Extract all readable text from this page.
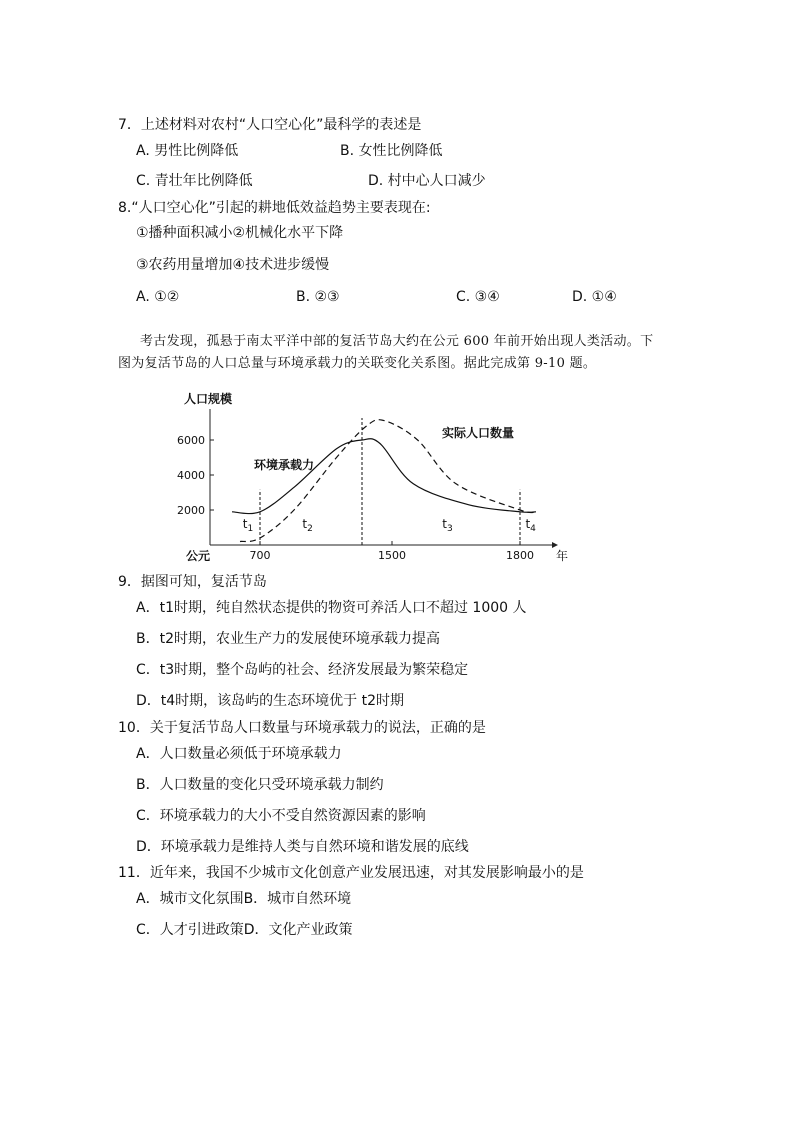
7．上述材料对农村“人口空心化”最科学的表述是
A. 男性比例降低	B. 女性比例降低
C. 青壮年比例降低	D. 村中心人口减少
8.“人口空心化”引起的耕地低效益趋势主要表现在:
①播种面积减小②机械化水平下降
③农药用量增加④技术进步缓慢
A. ①②	B. ②③	C. ③④	D. ①④
考古发现，孤悬于南太平洋中部的复活节岛大约在公元 600 年前开始出现人类活动。下
图为复活节岛的人口总量与环境承载力的关联变化关系图。据此完成第 9-10 题。
2000
4000
6000
700	1500	1800
人口规模
公元	年
$t_1$	$t_2$	$t_3$	$t_4$
环境承载力
实际人口数量
9．据图可知，复活节岛
A．t1时期，纯自然状态提供的物资可养活人口不超过 1000 人
B．t2时期，农业生产力的发展使环境承载力提高
C．t3时期，整个岛屿的社会、经济发展最为繁荣稳定
D．t4时期，该岛屿的生态环境优于 t2时期
10．关于复活节岛人口数量与环境承载力的说法，正确的是
A．人口数量必须低于环境承载力
B．人口数量的变化只受环境承载力制约
C．环境承载力的大小不受自然资源因素的影响
D．环境承载力是维持人类与自然环境和谐发展的底线
11．近年来，我国不少城市文化创意产业发展迅速，对其发展影响最小的是
A．城市文化氛围B．城市自然环境
C．人才引进政策D．文化产业政策
